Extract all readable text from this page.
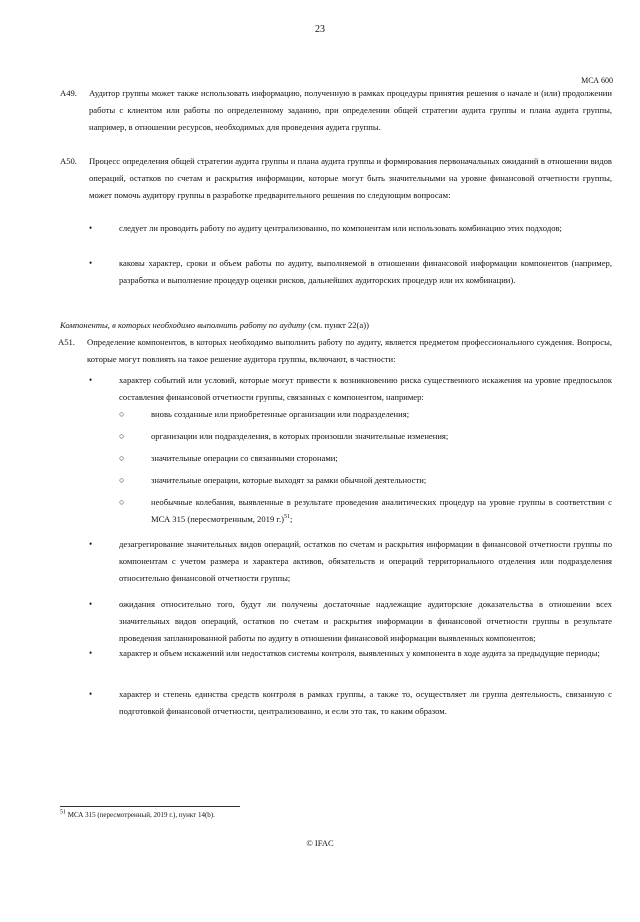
23
МСА 600
A49. Аудитор группы может также использовать информацию, полученную в рамках процедуры принятия решения о начале и (или) продолжении работы с клиентом или работы по определенному заданию, при определении общей стратегии аудита группы и плана аудита группы, например, в отношении ресурсов, необходимых для проведения аудита группы.
A50. Процесс определения общей стратегии аудита группы и плана аудита группы и формирования первоначальных ожиданий в отношении видов операций, остатков по счетам и раскрытия информации, которые могут быть значительными на уровне финансовой отчетности группы, может помочь аудитору группы в разработке предварительного решения по следующим вопросам:
•	следует ли проводить работу по аудиту централизованно, по компонентам или использовать комбинацию этих подходов;
•	каковы характер, сроки и объем работы по аудиту, выполняемой в отношении финансовой информации компонентов (например, разработка и выполнение процедур оценки рисков, дальнейших аудиторских процедур или их комбинации).
Компоненты, в которых необходимо выполнить работу по аудиту (см. пункт 22(a))
A51. Определение компонентов, в которых необходимо выполнить работу по аудиту, является предметом профессионального суждения. Вопросы, которые могут повлиять на такое решение аудитора группы, включают, в частности:
•	характер событий или условий, которые могут привести к возникновению риска существенного искажения на уровне предпосылок составления финансовой отчетности группы, связанных с компонентом, например:
○	вновь созданные или приобретенные организации или подразделения;
○	организации или подразделения, в которых произошли значительные изменения;
○	значительные операции со связанными сторонами;
○	значительные операции, которые выходят за рамки обычной деятельности;
○	необычные колебания, выявленные в результате проведения аналитических процедур на уровне группы в соответствии с МСА 315 (пересмотренным, 2019 г.)$^{51}$;
•	дезагрегирование значительных видов операций, остатков по счетам и раскрытия информации в финансовой отчетности группы по компонентам с учетом размера и характера активов, обязательств и операций территориального отделения или подразделения относительно финансовой отчетности группы;
•	ожидания относительно того, будут ли получены достаточные надлежащие аудиторские доказательства в отношении всех значительных видов операций, остатков по счетам и раскрытия информации в финансовой отчетности группы в результате проведения запланированной работы по аудиту в отношении финансовой информации выявленных компонентов;
•	характер и объем искажений или недостатков системы контроля, выявленных у компонента в ходе аудита за предыдущие периоды;
•	характер и степень единства средств контроля в рамках группы, а также то, осуществляет ли группа деятельность, связанную с подготовкой финансовой отчетности, централизованно, и если это так, то каким образом.
$^{51}$ МСА 315 (пересмотренный, 2019 г.), пункт 14(b).
© IFAC
